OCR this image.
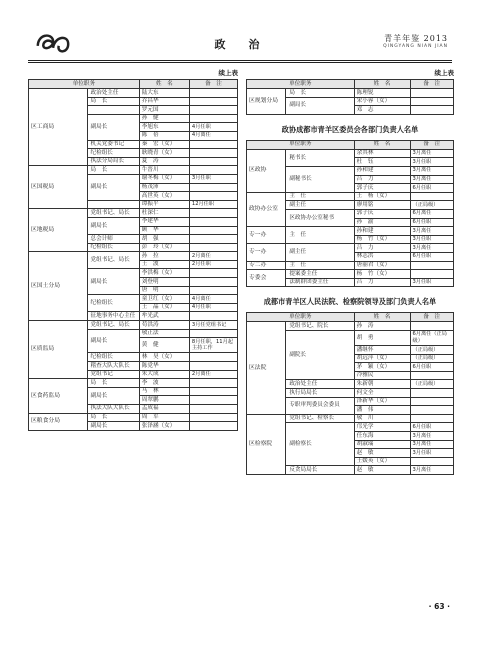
政　治	青羊年鉴 2013
QINGYANG NIAN JIAN
续上表
单位职务		姓　名	备　注
区工商局	政治处主任	陆大东	
	局　长	乔昌华	
		罗元国	
	副局长	孙　健	
		李旭东	4月任职
		陈　蓓	4月离任
	机关党委书记	秦　宏（女）	
	纪检组长	耿晓青（女）	
	执法分局局长	夏　涛	
区国税局	局　长	牛晋川	
	副局长	谢冬梅（女）	3月任职
		杨茂沛	
		高世英（女）	
		谭振平	12月任职
区地税局	党组书记、局长	杜深仁	
	副局长	李建华	
		顾　华	
	总会计师	胡　强	
	纪检组长	彭　玲（女）	
区国土分局	党组书记、局长	孙　拉	2月离任
		王　波	2月任职
	副局长	李洪梅（女）	
		刘登明	
		唐　明	
	纪检组长	童卫红（女）	4月离任
		王　晶（女）	4月任职
	征地事务中心主任	牟光武	
区质监局	党组书记、局长	苟洪涛	3月任党组书记
	副局长	敬正法	
		黄　健	8月任职，11月起主持工作
	纪检组长	林　昊（女）	
	稽查大队大队长	陈党华	
	党组书记	朱大成	2月离任
区食药监局	局　长	李　波	
	副局长	马　林	
		周翠鹏	
	执法大队大队长	孟成福	
区粮食分局	局　长	周　军	
	副局长	张泽涵（女）	
续上表
单位职务		姓　名	备　注
区规划分局	局　长	陈理锐	
	副局长	宋小蓉（女）	
		邓　志	
政协成都市青羊区委员会各部门负责人名单
单位职务		姓　名	备　注
区政协	秘书长	余其林	3月离任
		杜　钰	3月任职
	副秘书长	孙和建	3月离任
		吕　力	3月离任
		郭子庆	6月任职
政协办公室	主　任	王　杨（女）	
	副主任	廖用铭	（正局级）
	区政协办公室秘书	郭子庆	6月离任
		孙　渝	6月任职
专一办	主　任	孙和建	3月离任
		杨　竹（女）	3月任职
专一办	副主任	吕　力	3月离任
		林志洪	6月任职
专二办	主　任	唐丽君（女）	
专委会	提案委主任	杨　竹（女）	
	法制群团委主任	吕　力	3月任职
成都市青羊区人民法院、检察院领导及部门负责人名单
单位职务		姓　名	备　注
区法院	党组书记、院长	孙　涛	
	副院长	胡　勇	6月离任（正局级）
		潘继怀	（正局级）
		胡远萍（女）	（正局级）
		茅　颖（女）	6月任职
		冷雅民	
	政治处主任	朱新朝	（正局级）
	执行局局长	何文全	
	专职审判委员会委员	泽新华（女）	
		潘　伟	
区检察院	党组书记、检察长	敬　川	
	副检察长	邝光学	6月任职
		任东海	3月离任
		胡淑瑞	3月离任
		赵　敏	3月任职
		王媛英（女）	
	反贪局局长	赵　敏	3月离任
· 63 ·
